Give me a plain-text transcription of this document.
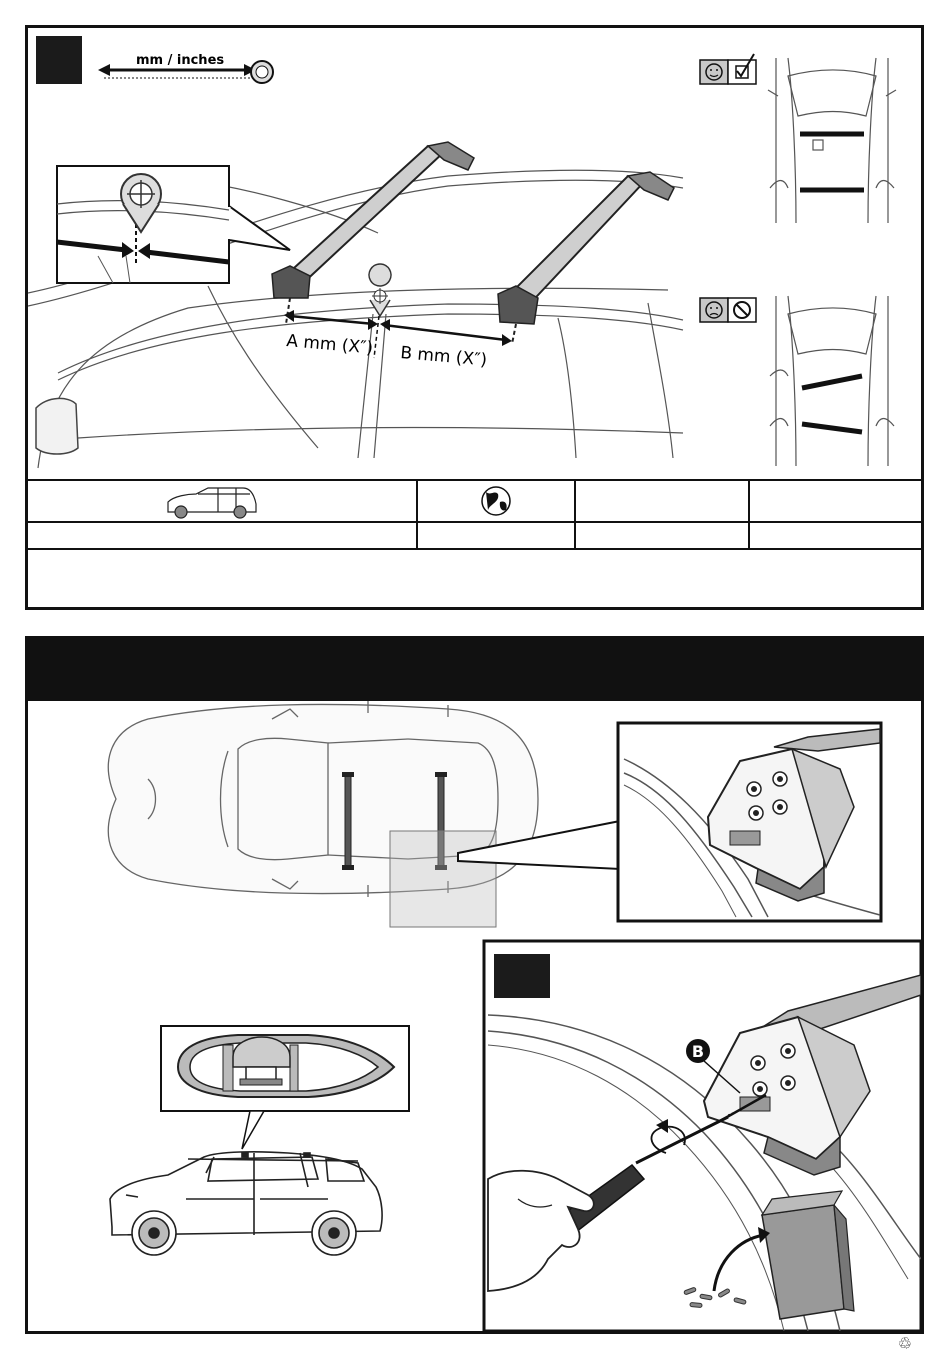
mm / inches
A mm (X″) B mm (X″)
B
♲
